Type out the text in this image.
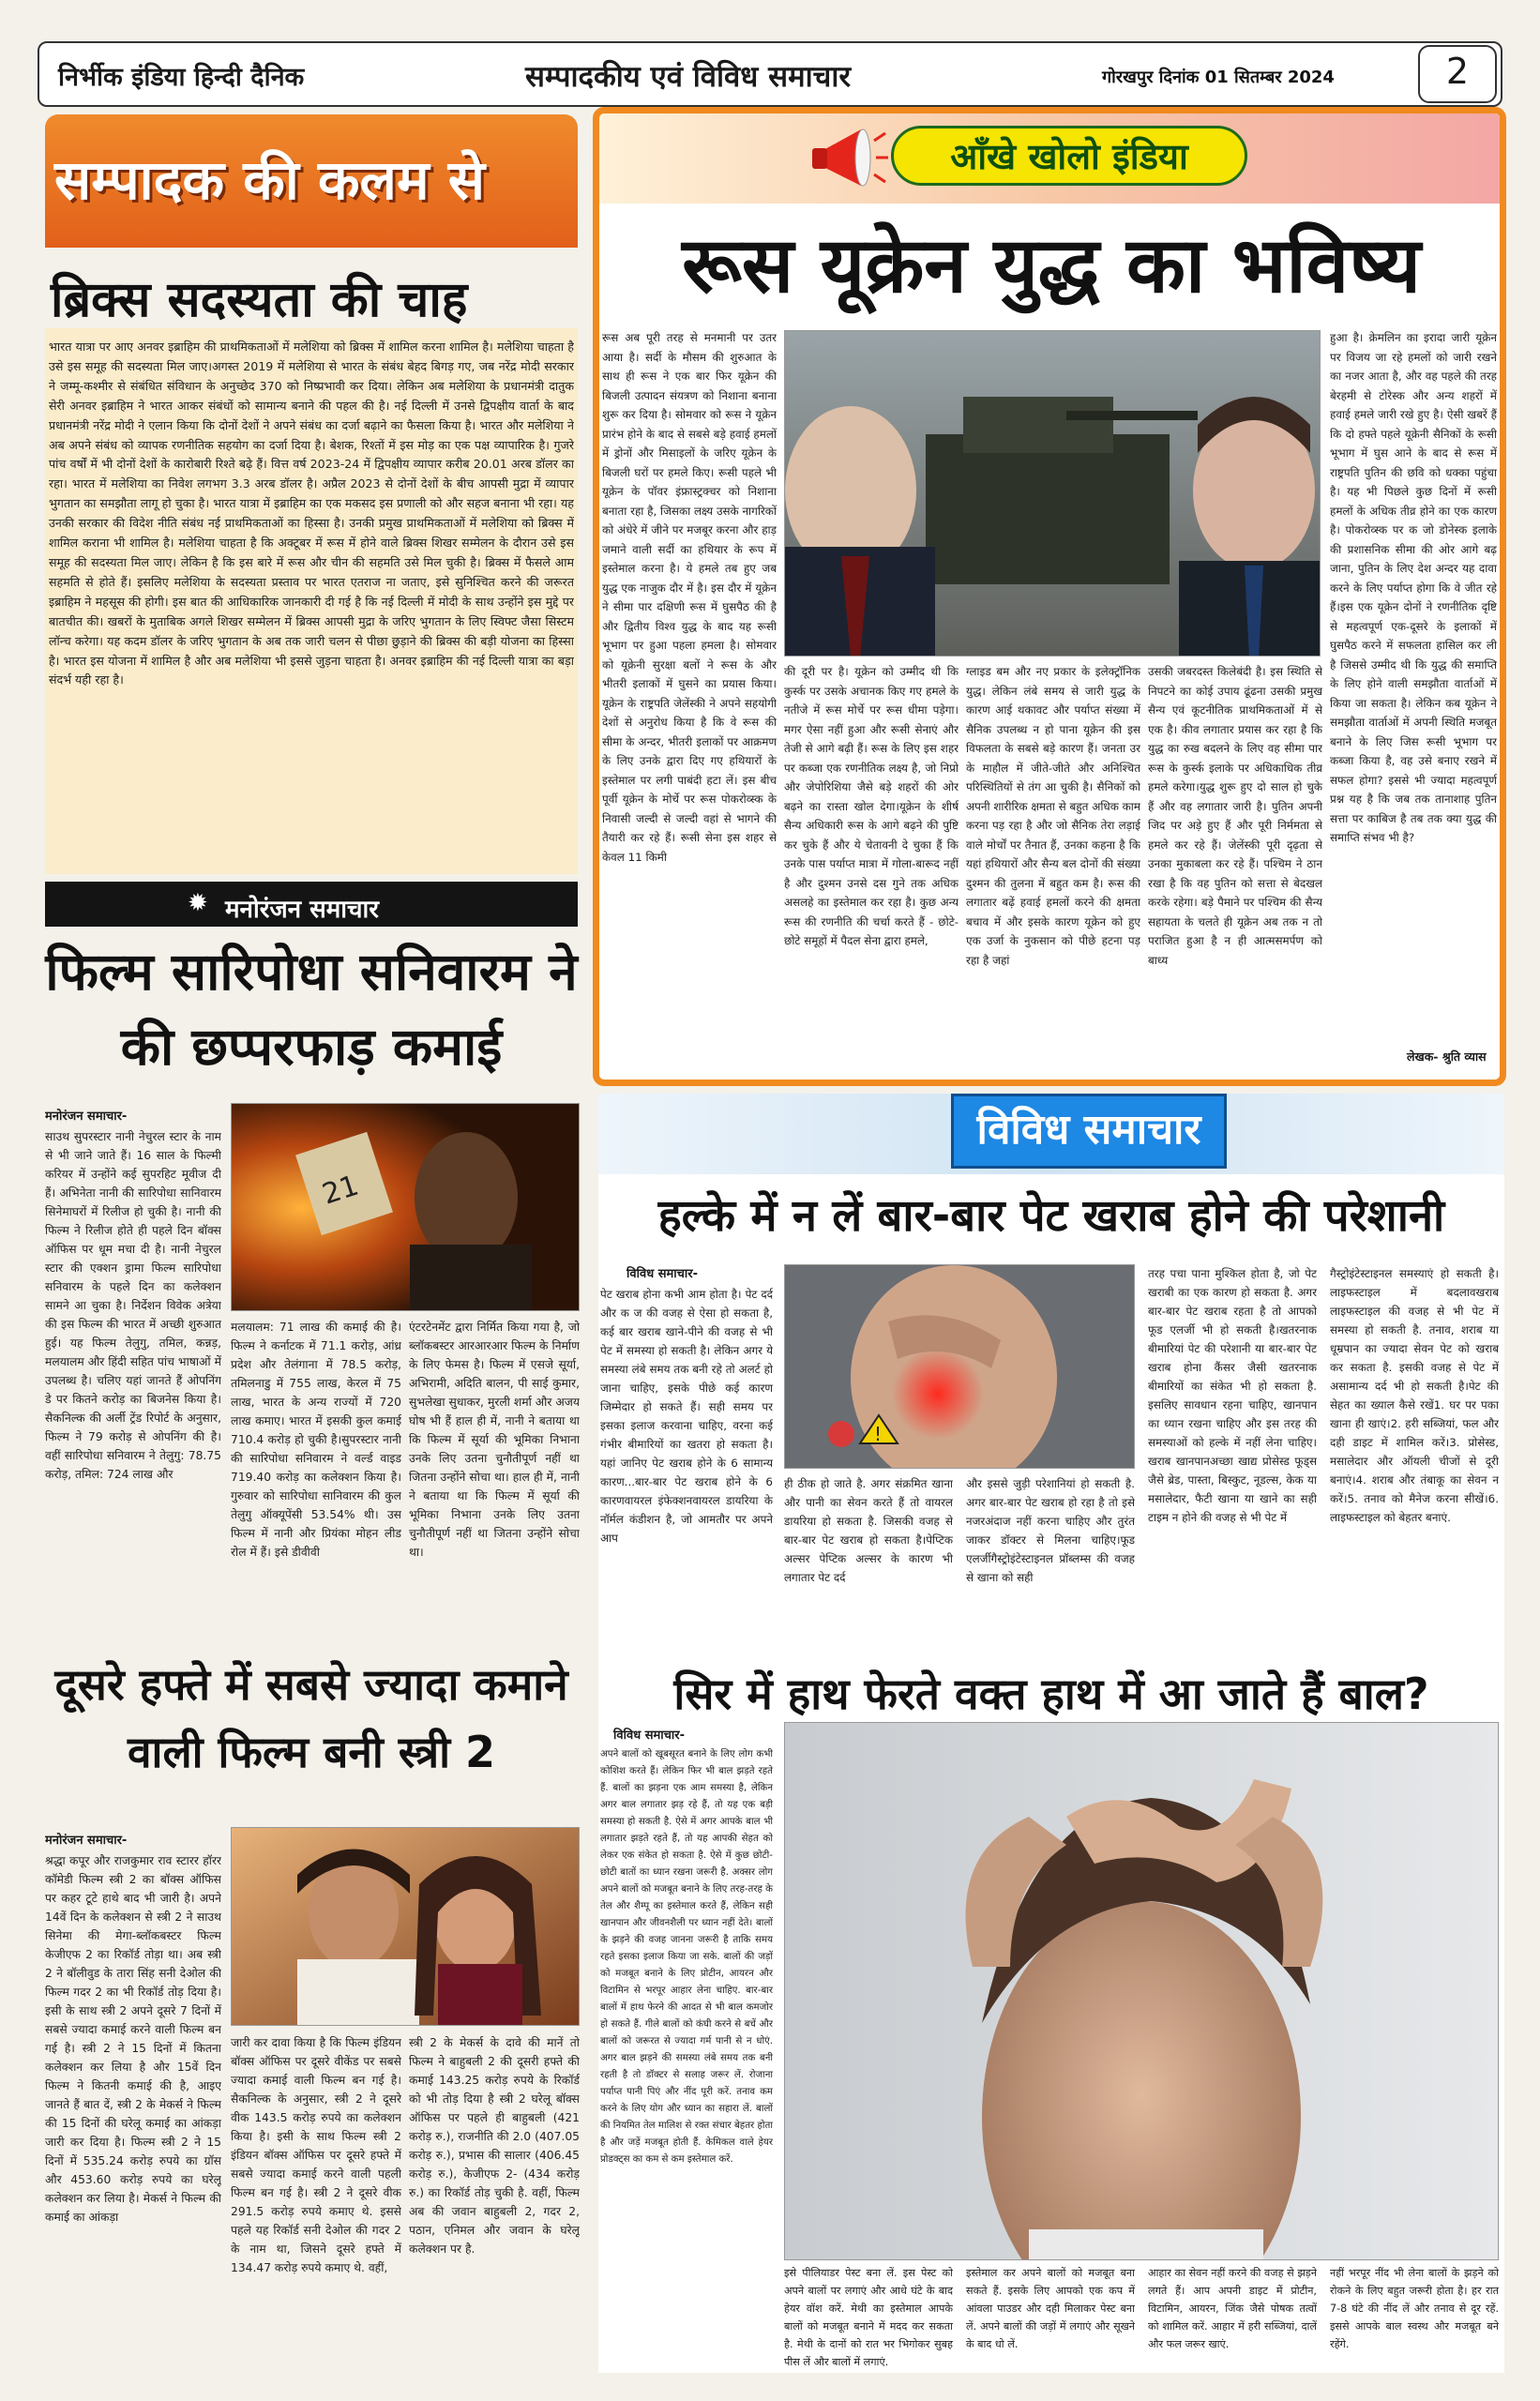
निर्भीक इंडिया हिन्दी दैनिक	सम्पादकीय एवं विविध समाचार	गोरखपुर दिनांक 01 सितम्बर 2024	2
सम्पादक की कलम से
ब्रिक्स सदस्यता की चाह
भारत यात्रा पर आए अनवर इब्राहिम की प्राथमिकताओं में मलेशिया को ब्रिक्स में शामिल करना शामिल है। मलेशिया चाहता है उसे इस समूह की सदस्यता मिल जाए।अगस्त 2019 में मलेशिया से भारत के संबंध बेहद बिगड़ गए, जब नरेंद्र मोदी सरकार ने जम्मू-कश्मीर से संबंधित संविधान के अनुच्छेद 370 को निष्प्रभावी कर दिया। लेकिन अब मलेशिया के प्रधानमंत्री दातुक सेरी अनवर इब्राहिम ने भारत आकर संबंधों को सामान्य बनाने की पहल की है। नई दिल्ली में उनसे द्विपक्षीय वार्ता के बाद प्रधानमंत्री नरेंद्र मोदी ने एलान किया कि दोनों देशों ने अपने संबंध का दर्जा बढ़ाने का फैसला किया है। भारत और मलेशिया ने अब अपने संबंध को व्यापक रणनीतिक सहयोग का दर्जा दिया है। बेशक, रिश्तों में इस मोड़ का एक पक्ष व्यापारिक है। गुजरे पांच वर्षों में भी दोनों देशों के कारोबारी रिश्ते बढ़े हैं। वित्त वर्ष 2023-24 में द्विपक्षीय व्यापार करीब 20.01 अरब डॉलर का रहा। भारत में मलेशिया का निवेश लगभग 3.3 अरब डॉलर है। अप्रैल 2023 से दोनों देशों के बीच आपसी मुद्रा में व्यापार भुगतान का समझौता लागू हो चुका है। भारत यात्रा में इब्राहिम का एक मकसद इस प्रणाली को और सहज बनाना भी रहा। यह उनकी सरकार की विदेश नीति संबंध नई प्राथमिकताओं का हिस्सा है। उनकी प्रमुख प्राथमिकताओं में मलेशिया को ब्रिक्स में शामिल कराना भी शामिल है। मलेशिया चाहता है कि अक्टूबर में रूस में होने वाले ब्रिक्स शिखर सम्मेलन के दौरान उसे इस समूह की सदस्यता मिल जाए। लेकिन है कि इस बारे में रूस और चीन की सहमति उसे मिल चुकी है। ब्रिक्स में फैसले आम सहमति से होते हैं। इसलिए मलेशिया के सदस्यता प्रस्ताव पर भारत एतराज ना जताए, इसे सुनिश्चित करने की जरूरत इब्राहिम ने महसूस की होगी। इस बात की आधिकारिक जानकारी दी गई है कि नई दिल्ली में मोदी के साथ उन्होंने इस मुद्दे पर बातचीत की। खबरों के मुताबिक अगले शिखर सम्मेलन में ब्रिक्स आपसी मुद्रा के जरिए भुगतान के लिए स्विफ्ट जैसा सिस्टम लॉन्च करेगा। यह कदम डॉलर के जरिए भुगतान के अब तक जारी चलन से पीछा छुड़ाने की ब्रिक्स की बड़ी योजना का हिस्सा है। भारत इस योजना में शामिल है और अब मलेशिया भी इससे जुड़ना चाहता है। अनवर इब्राहिम की नई दिल्ली यात्रा का बड़ा संदर्भ यही रहा है।
✹ मनोरंजन समाचार
फिल्म सारिपोधा सनिवारम ने की छप्परफाड़ कमाई
मनोरंजन समाचार-
साउथ सुपरस्टार नानी नेचुरल स्टार के नाम से भी जाने जाते हैं। 16 साल के फिल्मी करियर में उन्होंने कई सुपरहिट मूवीज दी हैं। अभिनेता नानी की सारिपोधा सानिवारम सिनेमाघरों में रिलीज हो चुकी है। नानी की फिल्म ने रिलीज होते ही पहले दिन बॉक्स ऑफिस पर धूम मचा दी है। नानी नेचुरल स्टार की एक्शन ड्रामा फिल्म सारिपोधा सनिवारम के पहले दिन का कलेक्शन सामने आ चुका है। निर्देशन विवेक अत्रेया की इस फिल्म की भारत में अच्छी शुरुआत हुई। यह फिल्म तेलुगु, तमिल, कन्नड़, मलयालम और हिंदी सहित पांच भाषाओं में उपलब्ध है। चलिए यहां जानते हैं ओपनिंग डे पर कितने करोड़ का बिजनेस किया है।सैकनिल्क की अर्ली ट्रेंड रिपोर्ट के अनुसार, फिल्म ने 79 करोड़ से ओपनिंग की है। वहीं सारिपोधा सनिवारम ने तेलुगु: 78.75 करोड़, तमिल: 724 लाख और
21
मलयालम: 71 लाख की कमाई की है। फिल्म ने कर्नाटक में 71.1 करोड़, आंध्र प्रदेश और तेलंगाना में 78.5 करोड़, तमिलनाडु में 755 लाख, केरल में 75 लाख, भारत के अन्य राज्यों में 720 लाख कमाए। भारत में इसकी कुल कमाई 710.4 करोड़ हो चुकी है।सुपरस्टार नानी की सारिपोधा सनिवारम ने वर्ल्ड वाइड 719.40 करोड़ का कलेक्शन किया है। गुरुवार को सारिपोधा सानिवारम की कुल तेलुगु ऑक्यूपेंसी 53.54% थी। उस फिल्म में नानी और प्रियंका मोहन लीड रोल में हैं। इसे डीवीवी
एंटरटेनमेंट द्वारा निर्मित किया गया है, जो ब्लॉकबस्टर आरआरआर फिल्म के निर्माण के लिए फेमस है। फिल्म में एसजे सूर्या, अभिरामी, अदिति बालन, पी साई कुमार, सुभलेखा सुधाकर, मुरली शर्मा और अजय घोष भी हैं हाल ही में, नानी ने बताया था कि फिल्म में सूर्या की भूमिका निभाना उनके लिए उतना चुनौतीपूर्ण नहीं था जितना उन्होंने सोचा था। हाल ही में, नानी ने बताया था कि फिल्म में सूर्या की भूमिका निभाना उनके लिए उतना चुनौतीपूर्ण नहीं था जितना उन्होंने सोचा था।
दूसरे हफ्ते में सबसे ज्यादा कमाने वाली फिल्म बनी स्त्री 2
मनोरंजन समाचार-
श्रद्धा कपूर और राजकुमार राव स्टारर हॉरर कॉमेडी फिल्म स्त्री 2 का बॉक्स ऑफिस पर कहर टूटे हाथे बाद भी जारी है। अपने 14वें दिन के कलेक्शन से स्त्री 2 ने साउथ सिनेमा की मेगा-ब्लॉकबस्टर फिल्म केजीएफ 2 का रिकॉर्ड तोड़ा था। अब स्त्री 2 ने बॉलीवुड के तारा सिंह सनी देओल की फिल्म गदर 2 का भी रिकॉर्ड तोड़ दिया है। इसी के साथ स्त्री 2 अपने दूसरे 7 दिनों में सबसे ज्यादा कमाई करने वाली फिल्म बन गई है। स्त्री 2 ने 15 दिनों में कितना कलेक्शन कर लिया है और 15वें दिन फिल्म ने कितनी कमाई की है, आइए जानते हैं बात दें, स्त्री 2 के मेकर्स ने फिल्म की 15 दिनों की घरेलू कमाई का आंकड़ा जारी कर दिया है। फिल्म स्त्री 2 ने 15 दिनों में 535.24 करोड़ रुपये का ग्रॉस और 453.60 करोड़ रुपये का घरेलू कलेक्शन कर लिया है। मेकर्स ने फिल्म की कमाई का आंकड़ा
जारी कर दावा किया है कि फिल्म इंडियन बॉक्स ऑफिस पर दूसरे वीकेंड पर सबसे ज्यादा कमाई वाली फिल्म बन गई है।सैकनिल्क के अनुसार, स्त्री 2 ने दूसरे वीक 143.5 करोड़ रुपये का कलेक्शन किया है। इसी के साथ फिल्म स्त्री 2 इंडियन बॉक्स ऑफिस पर दूसरे हफ्ते में सबसे ज्यादा कमाई करने वाली पहली फिल्म बन गई है। स्त्री 2 ने दूसरे वीक 291.5 करोड़ रुपये कमाए थे. इससे पहले यह रिकॉर्ड सनी देओल की गदर 2 के नाम था, जिसने दूसरे हफ्ते में 134.47 करोड़ रुपये कमाए थे. वहीं,
स्त्री 2 के मेकर्स के दावे की मानें तो फिल्म ने बाहुबली 2 की दूसरी हफ्ते की कमाई 143.25 करोड़ रुपये के रिकॉर्ड को भी तोड़ दिया है स्त्री 2 घरेलू बॉक्स ऑफिस पर पहले ही बाहुबली (421 करोड़ रु.), राजनीति की 2.0 (407.05 करोड़ रु.), प्रभास की सालार (406.45 करोड़ रु.), केजीएफ 2- (434 करोड़ रु.) का रिकॉर्ड तोड़ चुकी है. वहीं, फिल्म अब की जवान बाहुबली 2, गदर 2, पठान, एनिमल और जवान के घरेलू कलेक्शन पर है.
आँखे खोलो इंडिया
रूस यूक्रेन युद्ध का भविष्य
रूस अब पूरी तरह से मनमानी पर उतर आया है। सर्दी के मौसम की शुरुआत के साथ ही रूस ने एक बार फिर यूक्रेन की बिजली उत्पादन संयत्रण को निशाना बनाना शुरू कर दिया है। सोमवार को रूस ने यूक्रेन प्रारंभ होने के बाद से सबसे बड़े हवाई हमलों में ड्रोनों और मिसाइलों के जरिए यूक्रेन के बिजली घरों पर हमले किए। रूसी पहले भी यूक्रेन के पॉवर इंफ्रास्ट्रक्चर को निशाना बनाता रहा है, जिसका लक्ष्य उसके नागरिकों को अंधेरे में जीने पर मजबूर करना और हाड़ जमाने वाली सर्दी का हथियार के रूप में इस्तेमाल करना है। ये हमले तब हुए जब युद्ध एक नाजुक दौर में है। इस दौर में यूक्रेन ने सीमा पार दक्षिणी रूस में घुसपैठ की है और द्वितीय विश्व युद्ध के बाद यह रूसी भूभाग पर हुआ पहला हमला है। सोमवार को यूक्रेनी सुरक्षा बलों ने रूस के और भीतरी इलाकों में घुसने का प्रयास किया। यूक्रेन के राष्ट्रपति जेलेंस्की ने अपने सहयोगी देशों से अनुरोध किया है कि वे रूस की सीमा के अन्दर, भीतरी इलाकों पर आक्रमण के लिए उनके द्वारा दिए गए हथियारों के इस्तेमाल पर लगी पाबंदी हटा लें। इस बीच पूर्वी यूक्रेन के मोर्चे पर रूस पोकरोव्स्क के निवासी जल्दी से जल्दी वहां से भागने की तैयारी कर रहे हैं। रूसी सेना इस शहर से केवल 11 किमी
की दूरी पर है। यूक्रेन को उम्मीद थी कि कुर्स्क पर उसके अचानक किए गए हमले के नतीजे में रूस मोर्चे पर रूस धीमा पड़ेगा। मगर ऐसा नहीं हुआ और रूसी सेनाएं और तेजी से आगे बढ़ी हैं। रूस के लिए इस शहर पर कब्जा एक रणनीतिक लक्ष्य है, जो निप्रो और जेपोरिशिया जैसे बड़े शहरों की ओर बढ़ने का रास्ता खोल देगा।यूक्रेन के शीर्ष सैन्य अधिकारी रूस के आगे बढ़ने की पुष्टि कर चुके हैं और ये चेतावनी दे चुका हैं कि उनके पास पर्याप्त मात्रा में गोला-बारूद नहीं है और दुश्मन उनसे दस गुने तक अधिक असलहे का इस्तेमाल कर रहा है। कुछ अन्य रूस की रणनीति की चर्चा करते हैं - छोटे-छोटे समूहों में पैदल सेना द्वारा हमले,
ग्लाइड बम और नए प्रकार के इलेक्ट्रॉनिक युद्ध। लेकिन लंबे समय से जारी युद्ध के कारण आई थकावट और पर्याप्त संख्या में सैनिक उपलब्ध न हो पाना यूक्रेन की इस विफलता के सबसे बड़े कारण हैं। जनता उर के माहौल में जीते-जीते और अनिश्चित परिस्थितियों से तंग आ चुकी है। सैनिकों को अपनी शारीरिक क्षमता से बहुत अधिक काम करना पड़ रहा है और जो सैनिक तेरा लड़ाई वाले मोर्चों पर तैनात हैं, उनका कहना है कि यहां हथियारों और सैन्य बल दोनों की संख्या दुश्मन की तुलना में बहुत कम है। रूस की लगातार बढ़ें हवाई हमलों करने की क्षमता बचाव में और इसके कारण यूक्रेन को हुए एक उर्जा के नुकसान को पीछे हटना पड़ रहा है जहां
उसकी जबरदस्त किलेबंदी है। इस स्थिति से निपटने का कोई उपाय ढूंढना उसकी प्रमुख सैन्य एवं कूटनीतिक प्राथमिकताओं में से एक है। कीव लगातार प्रयास कर रहा है कि युद्ध का रुख बदलने के लिए वह सीमा पार रूस के कुर्स्क इलाके पर अधिकाधिक तीव्र हमले करेगा।युद्ध शुरू हुए दो साल हो चुके हैं और वह लगातार जारी है। पुतिन अपनी जिद पर अड़े हुए हैं और पूरी निर्ममता से हमले कर रहे हैं। जेलेंस्की पूरी दृढ़ता से उनका मुकाबला कर रहे हैं। पश्चिम ने ठान रखा है कि वह पुतिन को सत्ता से बेदखल करके रहेगा। बड़े पैमाने पर पश्चिम की सैन्य सहायता के चलते ही यूक्रेन अब तक न तो पराजित हुआ है न ही आत्मसमर्पण को बाध्य
हुआ है। क्रेमलिन का इरादा जारी यूक्रेन पर विजय जा रहे हमलों को जारी रखने का नजर आता है, और वह पहले की तरह बेरहमी से टोरेस्क और अन्य शहरों में हवाई हमले जारी रखे हुए है। ऐसी खबरें हैं कि दो हफ्ते पहले यूक्रेनी सैनिकों के रूसी भूभाग में घुस आने के बाद से रूस में राष्ट्रपति पुतिन की छवि को धक्का पहुंचा है। यह भी पिछले कुछ दिनों में रूसी हमलों के अधिक तीव्र होने का एक कारण है। पोकरोव्स्क पर क जो डोनेस्क इलाके की प्रशासनिक सीमा की ओर आगे बढ़ जाना, पुतिन के लिए देश अन्दर यह दावा करने के लिए पर्याप्त होगा कि वे जीत रहे हैं।इस एक यूक्रेन दोनों ने रणनीतिक दृष्टि से महत्वपूर्ण एक-दूसरे के इलाकों में घुसपैठ करने में सफलता हासिल कर ली है जिससे उम्मीद थी कि युद्ध की समाप्ति के लिए होने वाली समझौता वार्ताओं में किया जा सकता है। लेकिन कब यूक्रेन ने समझौता वार्ताओं में अपनी स्थिति मजबूत बनाने के लिए जिस रूसी भूभाग पर कब्जा किया है, वह उसे बनाए रखने में सफल होगा? इससे भी ज्यादा महत्वपूर्ण प्रश्न यह है कि जब तक तानाशाह पुतिन सत्ता पर काबिज है तब तक क्या युद्ध की समाप्ति संभव भी है?
लेखक- श्रुति व्यास
विविध समाचार
हल्के में न लें बार-बार पेट खराब होने की परेशानी
विविध समाचार-
पेट खराब होना कभी आम होता है। पेट दर्द और क ज की वजह से ऐसा हो सकता है, कई बार खराब खाने-पीने की वजह से भी पेट में समस्या हो सकती है। लेकिन अगर ये समस्या लंबे समय तक बनी रहे तो अलर्ट हो जाना चाहिए, इसके पीछे कई कारण जिम्मेदार हो सकते हैं। सही समय पर इसका इलाज करवाना चाहिए, वरना कई गंभीर बीमारियों का खतरा हो सकता है। यहां जानिए पेट खराब होने के 6 सामान्य कारण...बार-बार पेट खराब होने के 6 कारणवायरल इंफेक्शनवायरल डायरिया के नॉर्मल कंडीशन है, जो आमतौर पर अपने आप
!
ही ठीक हो जाते है. अगर संक्रमित खाना और पानी का सेवन करते हैं तो वायरल डायरिया हो सकता है. जिसकी वजह से बार-बार पेट खराब हो सकता है।पेप्टिक अल्सर पेप्टिक अल्सर के कारण भी लगातार पेट दर्द
और इससे जुड़ी परेशानियां हो सकती है. अगर बार-बार पेट खराब हो रहा है तो इसे नजरअंदाज नहीं करना चाहिए और तुरंत जाकर डॉक्टर से मिलना चाहिए।फूड एलर्जीगैस्ट्रोइंटेस्टाइनल प्रॉब्लम्स की वजह से खाना को सही
तरह पचा पाना मुश्किल होता है, जो पेट खराबी का एक कारण हो सकता है. अगर बार-बार पेट खराब रहता है तो आपको फूड एलर्जी भी हो सकती है।खतरनाक बीमारियां पेट की परेशानी या बार-बार पेट खराब होना कैंसर जैसी खतरनाक बीमारियों का संकेत भी हो सकता है. इसलिए सावधान रहना चाहिए, खानपान का ध्यान रखना चाहिए और इस तरह की समस्याओं को हल्के में नहीं लेना चाहिए।खराब खानपानअच्छा खाद्य प्रोसेस्ड फूड्स जैसे ब्रेड, पास्ता, बिस्कुट, नूडल्स, केक या मसालेदार, फैटी खाना या खाने का सही टाइम न होने की वजह से भी पेट में
गैस्ट्रोइंटेस्टाइनल समस्याएं हो सकती है।लाइफस्टाइल में बदलावखराब लाइफस्टाइल की वजह से भी पेट में समस्या हो सकती है. तनाव, शराब या धूम्रपान का ज्यादा सेवन पेट को खराब कर सकता है. इसकी वजह से पेट में असामान्य दर्द भी हो सकती है।पेट की सेहत का ख्याल कैसे रखें1. घर पर पका खाना ही खाएं।2. हरी सब्जियां, फल और दही डाइट में शामिल करें।3. प्रोसेस्ड, मसालेदार और ऑयली चीजों से दूरी बनाएं।4. शराब और तंबाकू का सेवन न करें।5. तनाव को मैनेज करना सीखें।6. लाइफस्टाइल को बेहतर बनाएं.
सिर में हाथ फेरते वक्त हाथ में आ जाते हैं बाल?
विविध समाचार-
अपने बालों को खूबसूरत बनाने के लिए लोग कभी कोशिश करते हैं। लेकिन फिर भी बाल झड़ते रहते हैं. बालों का झड़ना एक आम समस्या है, लेकिन अगर बाल लगातार झड़ रहे हैं, तो यह एक बड़ी समस्या हो सकती है. ऐसे में अगर आपके बाल भी लगातार झड़ते रहते हैं, तो यह आपकी सेहत को लेकर एक संकेत हो सकता है. ऐसे में कुछ छोटी-छोटी बातों का ध्यान रखना जरूरी है. अक्सर लोग अपने बालों को मजबूत बनाने के लिए तरह-तरह के तेल और शैम्पू का इस्तेमाल करते हैं, लेकिन सही खानपान और जीवनशैली पर ध्यान नहीं देते। बालों के झड़ने की वजह जानना जरूरी है ताकि समय रहते इसका इलाज किया जा सके. बालों की जड़ों को मजबूत बनाने के लिए प्रोटीन, आयरन और विटामिन से भरपूर आहार लेना चाहिए. बार-बार बालों में हाथ फेरने की आदत से भी बाल कमजोर हो सकते हैं. गीले बालों को कंघी करने से बचें और बालों को जरूरत से ज्यादा गर्म पानी से न धोएं. अगर बाल झड़ने की समस्या लंबे समय तक बनी रहती है तो डॉक्टर से सलाह जरूर लें. रोजाना पर्याप्त पानी पिएं और नींद पूरी करें. तनाव कम करने के लिए योग और ध्यान का सहारा लें. बालों की नियमित तेल मालिश से रक्त संचार बेहतर होता है और जड़ें मजबूत होती हैं. केमिकल वाले हेयर प्रोडक्ट्स का कम से कम इस्तेमाल करें.
इसे पीलियाडर पेस्ट बना लें. इस पेस्ट को अपने बालों पर लगाएं और आधे घंटे के बाद हेयर वॉश करें. मेथी का इस्तेमाल आपके बालों को मजबूत बनाने में मदद कर सकता है. मेथी के दानों को रात भर भिगोकर सुबह पीस लें और बालों में लगाएं.
इस्तेमाल कर अपने बालों को मजबूत बना सकते हैं. इसके लिए आपको एक कप में आंवला पाउडर और दही मिलाकर पेस्ट बना लें. अपने बालों की जड़ों में लगाएं और सूखने के बाद धो लें.
आहार का सेवन नहीं करने की वजह से झड़ने लगते हैं। आप अपनी डाइट में प्रोटीन, विटामिन, आयरन, जिंक जैसे पोषक तत्वों को शामिल करें. आहार में हरी सब्जियां, दालें और फल जरूर खाएं.
नहीं भरपूर नींद भी लेना बालों के झड़ने को रोकने के लिए बहुत जरूरी होता है। हर रात 7-8 घंटे की नींद लें और तनाव से दूर रहें. इससे आपके बाल स्वस्थ और मजबूत बने रहेंगे.
